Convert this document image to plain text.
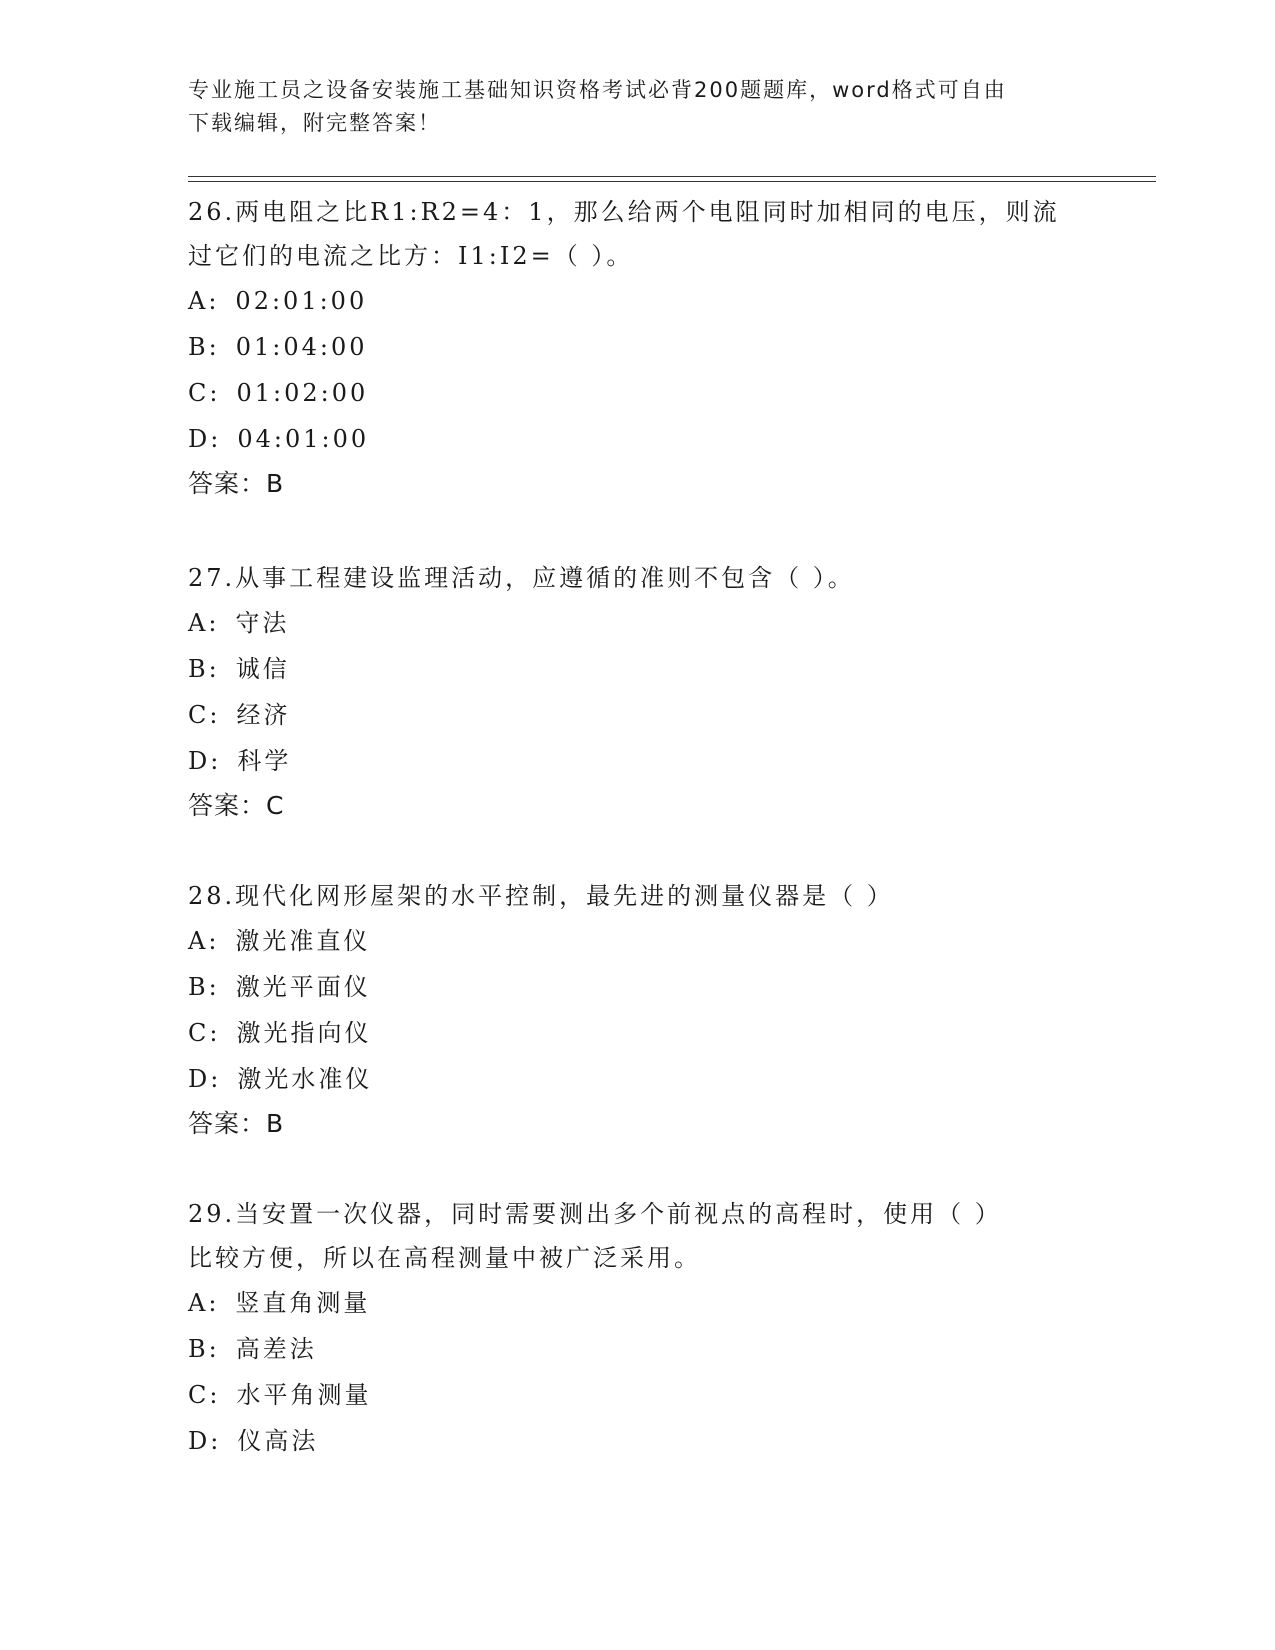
专业施工员之设备安装施工基础知识资格考试必背200题题库，word格式可自由
下载编辑，附完整答案！
26.两电阻之比R1:R2=4：1，那么给两个电阻同时加相同的电压，则流
过它们的电流之比方：I1:I2=（ ）。
A: 02:01:00
B: 01:04:00
C: 01:02:00
D: 04:01:00
答案：B
27.从事工程建设监理活动，应遵循的准则不包含（ ）。
A: 守法
B: 诚信
C: 经济
D: 科学
答案：C
28.现代化网形屋架的水平控制，最先进的测量仪器是（ ）
A: 激光准直仪
B: 激光平面仪
C: 激光指向仪
D: 激光水准仪
答案：B
29.当安置一次仪器，同时需要测出多个前视点的高程时，使用（ ）
比较方便，所以在高程测量中被广泛采用。
A: 竖直角测量
B: 高差法
C: 水平角测量
D: 仪高法
